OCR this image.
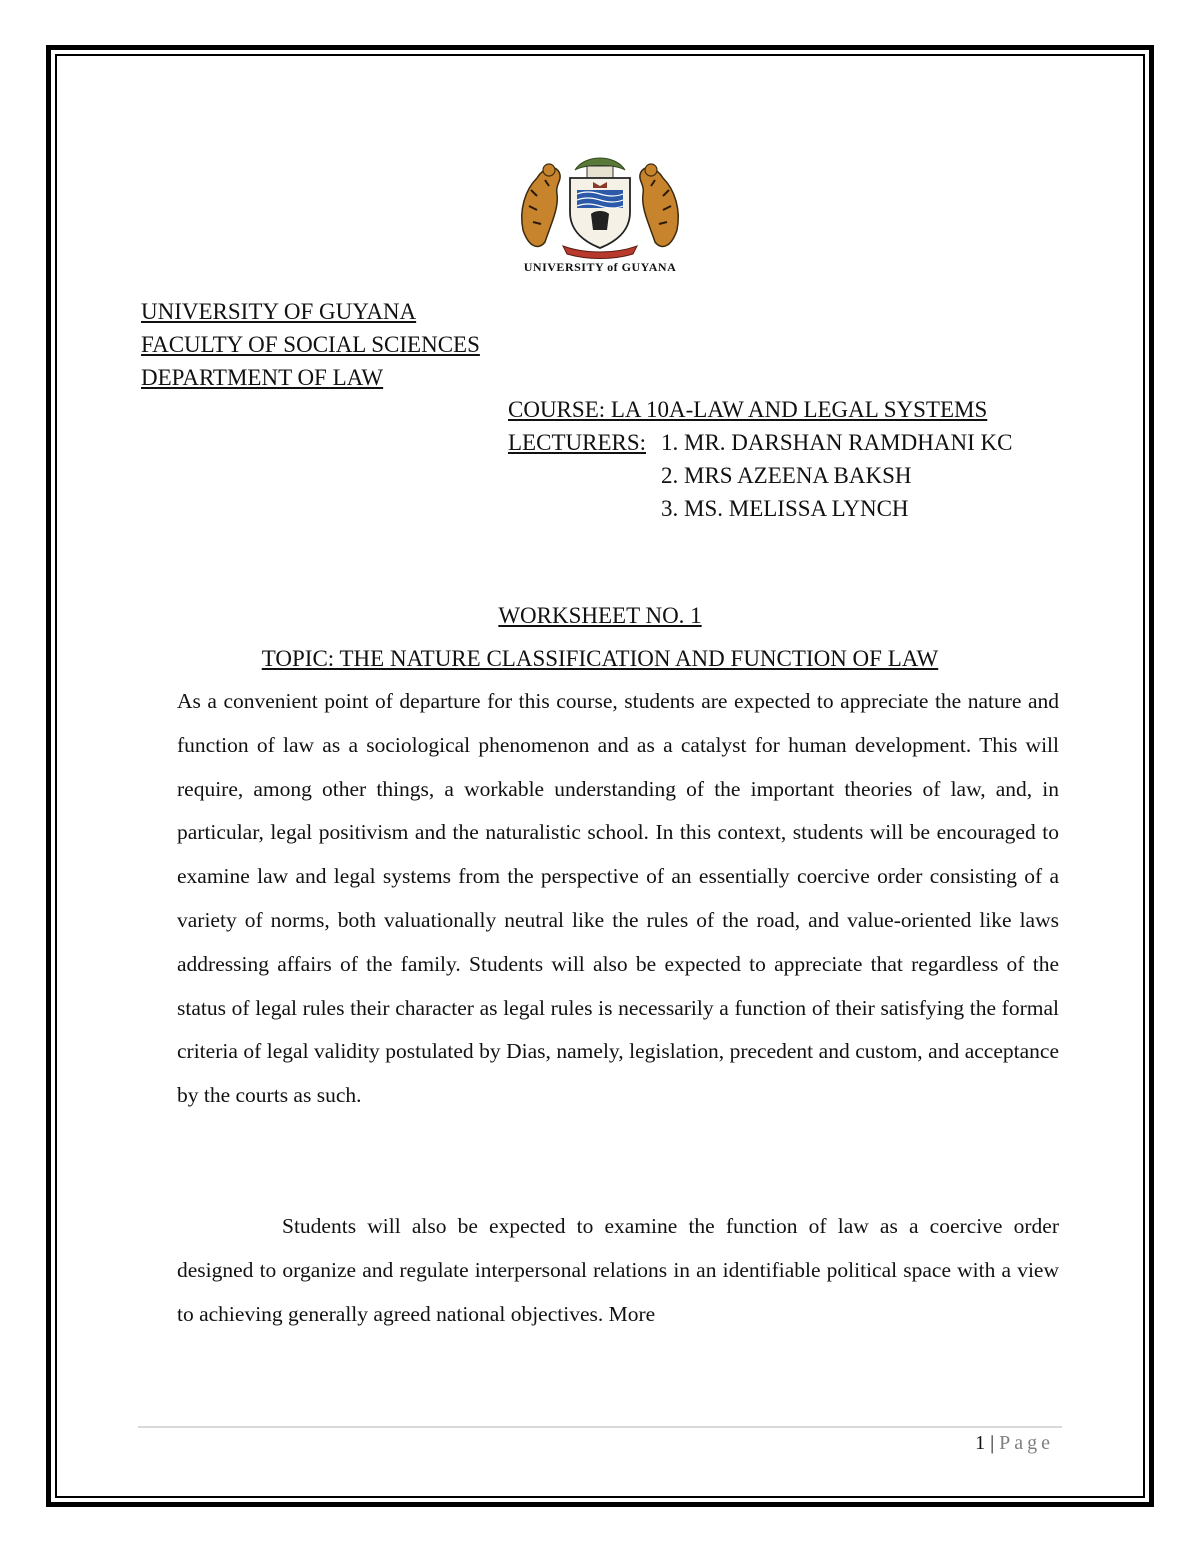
UNIVERSITY of GUYANA
UNIVERSITY OF GUYANA
FACULTY OF SOCIAL SCIENCES
DEPARTMENT OF LAW
COURSE: LA 10A-LAW AND LEGAL SYSTEMS
LECTURERS: 1. MR. DARSHAN RAMDHANI KC
2. MRS AZEENA BAKSH
3. MS. MELISSA LYNCH
WORKSHEET NO. 1
TOPIC: THE NATURE CLASSIFICATION AND FUNCTION OF LAW

As a convenient point of departure for this course, students are expected to appreciate the nature and function of law as a sociological phenomenon and as a catalyst for human development. This will require, among other things, a workable understanding of the important theories of law, and, in particular, legal positivism and the naturalistic school. In this context, students will be encouraged to examine law and legal systems from the perspective of an essentially coercive order consisting of a variety of norms, both valuationally neutral like the rules of the road, and value-oriented like laws addressing affairs of the family. Students will also be expected to appreciate that regardless of the status of legal rules their character as legal rules is necessarily a function of their satisfying the formal criteria of legal validity postulated by Dias, namely, legislation, precedent and custom, and acceptance by the courts as such.

Students will also be expected to examine the function of law as a coercive order designed to organize and regulate interpersonal relations in an identifiable political space with a view to achieving generally agreed national objectives. More

1 | Page
